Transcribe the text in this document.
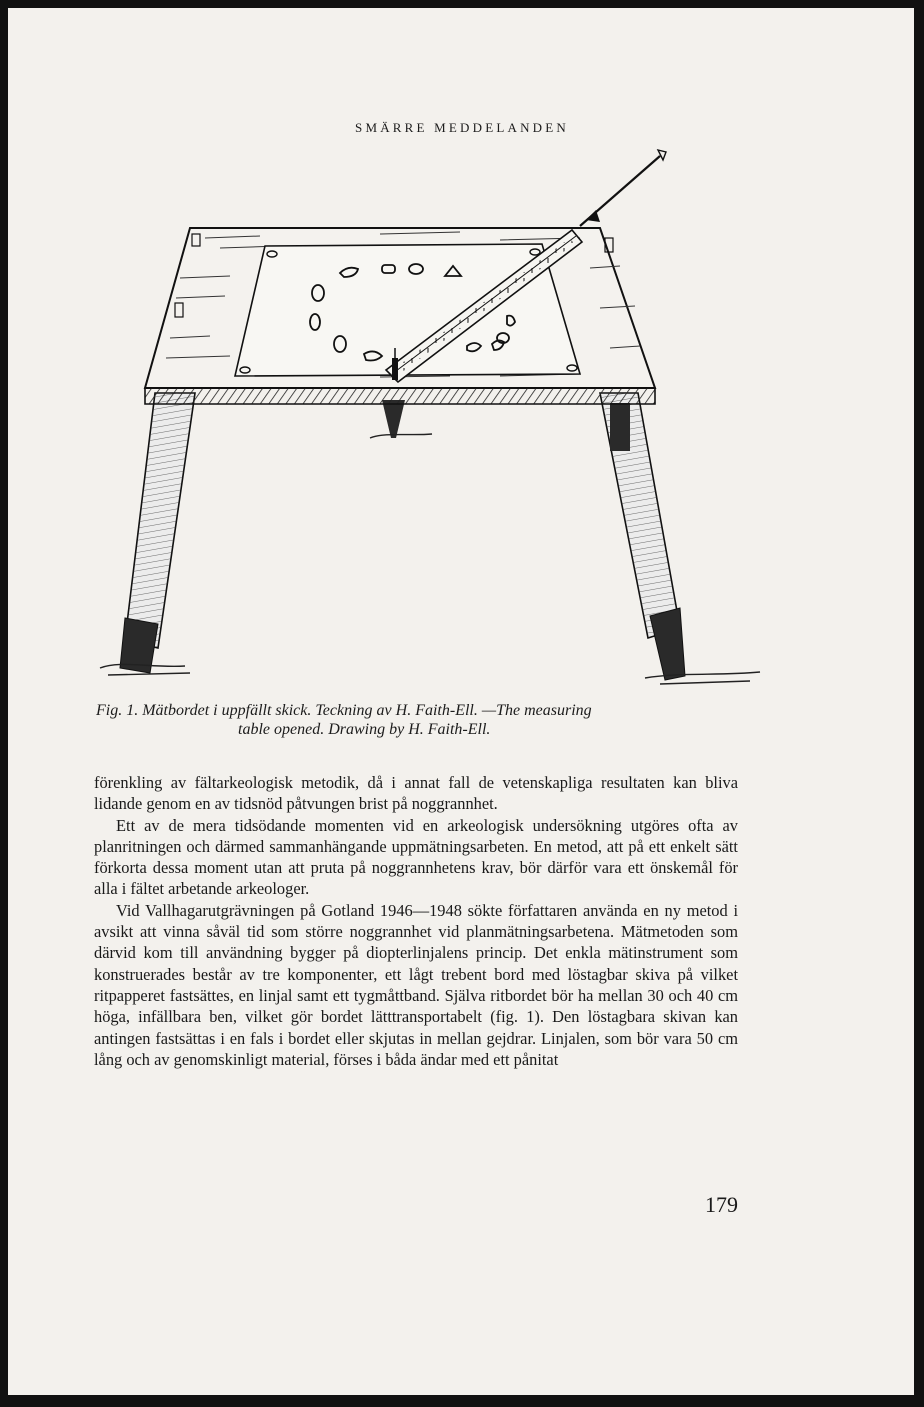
SMÄRRE MEDDELANDEN
Fig. 1. Mätbordet i uppfällt skick. Teckning av H. Faith-Ell. —The measuring
table opened. Drawing by H. Faith-Ell.

förenkling av fältarkeologisk metodik, då i annat fall de vetenskapliga resultaten kan bliva lidande genom en av tidsnöd påtvungen brist på noggrannhet.

Ett av de mera tidsödande momenten vid en arkeologisk undersökning utgöres ofta av planritningen och därmed sammanhängande uppmätningsarbeten. En metod, att på ett enkelt sätt förkorta dessa moment utan att pruta på noggrannhetens krav, bör därför vara ett önskemål för alla i fältet arbetande arkeologer.

Vid Vallhagarutgrävningen på Gotland 1946—1948 sökte författaren använda en ny metod i avsikt att vinna såväl tid som större noggrannhet vid planmätningsarbetena. Mätmetoden som därvid kom till användning bygger på diopterlinjalens princip. Det enkla mätinstrument som konstruerades består av tre komponenter, ett lågt trebent bord med löstagbar skiva på vilket ritpapperet fastsättes, en linjal samt ett tygmåttband. Själva ritbordet bör ha mellan 30 och 40 cm höga, infällbara ben, vilket gör bordet lätttransportabelt (fig. 1). Den löstagbara skivan kan antingen fastsättas i en fals i bordet eller skjutas in mellan gejdrar. Linjalen, som bör vara 50 cm lång och av genomskinligt material, förses i båda ändar med ett pånitat

179
